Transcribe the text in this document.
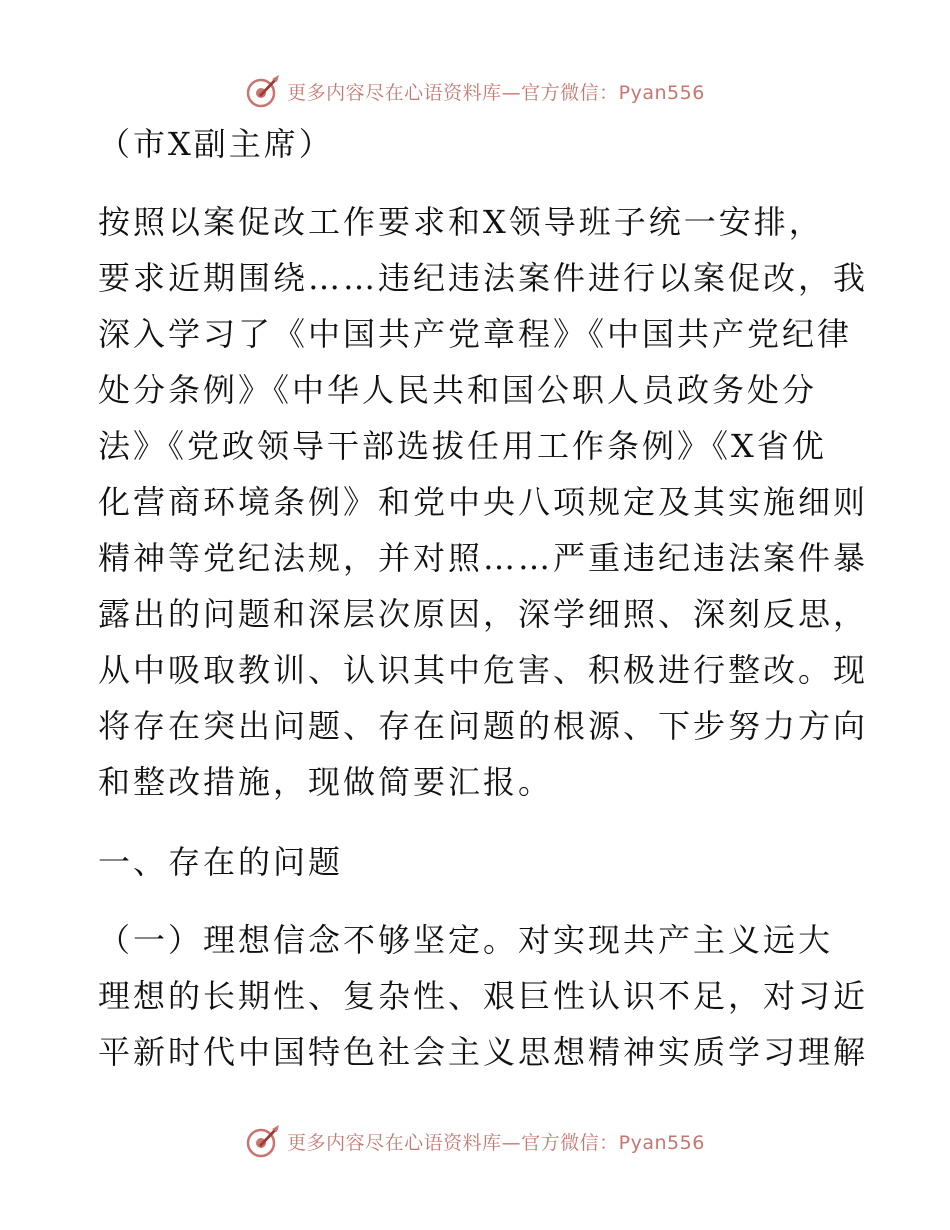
更多内容尽在心语资料库—官方微信：Pyan556
（市X副主席）
按照以案促改工作要求和X领导班子统一安排，
要求近期围绕……违纪违法案件进行以案促改，我
深入学习了《中国共产党章程》《中国共产党纪律
处分条例》《中华人民共和国公职人员政务处分
法》《党政领导干部选拔任用工作条例》《X省优
化营商环境条例》和党中央八项规定及其实施细则
精神等党纪法规，并对照……严重违纪违法案件暴
露出的问题和深层次原因，深学细照、深刻反思，
从中吸取教训、认识其中危害、积极进行整改。现
将存在突出问题、存在问题的根源、下步努力方向
和整改措施，现做简要汇报。
一、存在的问题
（一）理想信念不够坚定。对实现共产主义远大
理想的长期性、复杂性、艰巨性认识不足，对习近
平新时代中国特色社会主义思想精神实质学习理解
更多内容尽在心语资料库—官方微信：Pyan556
